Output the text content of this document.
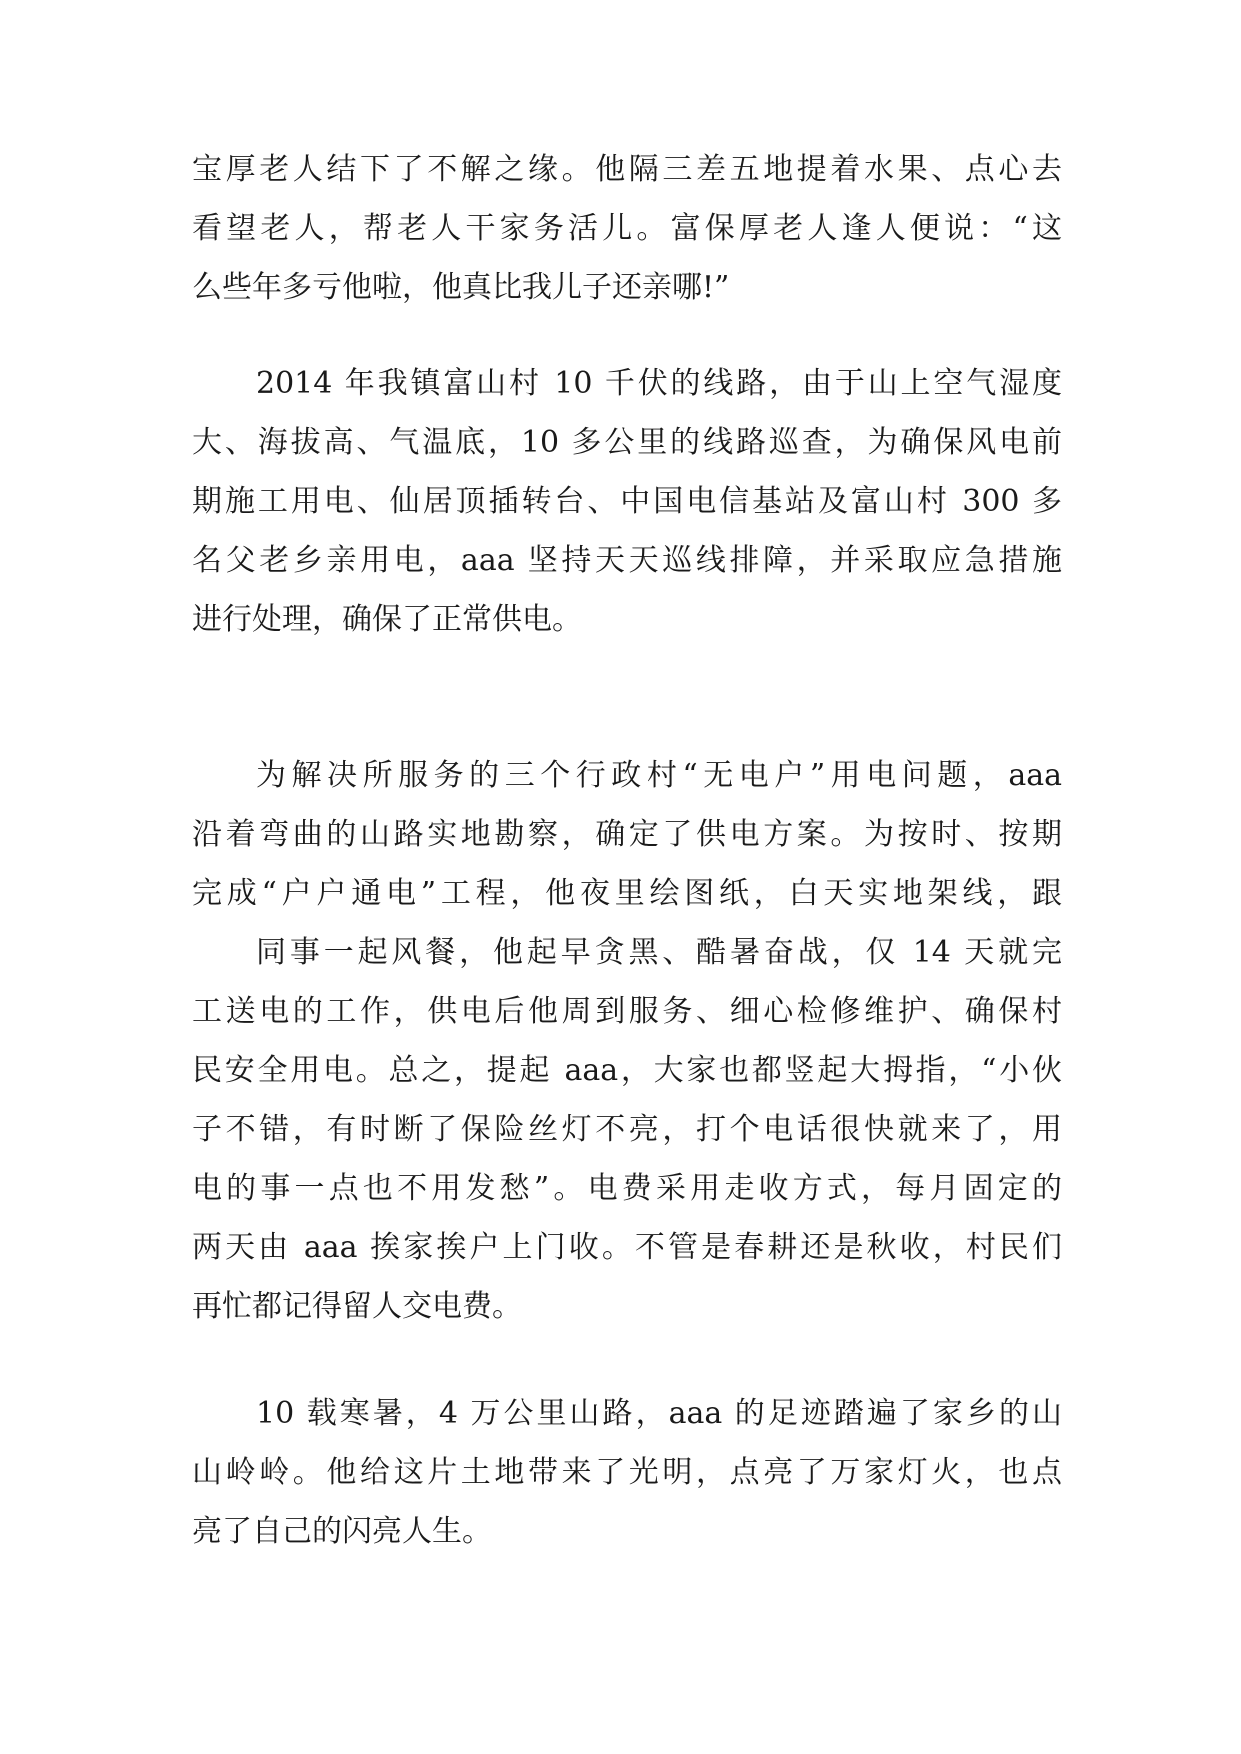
宝厚老人结下了不解之缘。他隔三差五地提着水果、点心去
看望老人，帮老人干家务活儿。富保厚老人逢人便说：“这
么些年多亏他啦，他真比我儿子还亲哪!”
2014 年我镇富山村 10 千伏的线路，由于山上空气湿度
大、海拔高、气温底，10 多公里的线路巡查，为确保风电前
期施工用电、仙居顶插转台、中国电信基站及富山村 300 多
名父老乡亲用电，aaa 坚持天天巡线排障，并采取应急措施
进行处理，确保了正常供电。
为解决所服务的三个行政村“无电户”用电问题，aaa
沿着弯曲的山路实地勘察，确定了供电方案。为按时、按期
完成“户户通电”工程，他夜里绘图纸，白天实地架线，跟
同事一起风餐，他起早贪黑、酷暑奋战，仅 14 天就完
工送电的工作，供电后他周到服务、细心检修维护、确保村
民安全用电。总之，提起 aaa，大家也都竖起大拇指，“小伙
子不错，有时断了保险丝灯不亮，打个电话很快就来了，用
电的事一点也不用发愁”。电费采用走收方式，每月固定的
两天由 aaa 挨家挨户上门收。不管是春耕还是秋收，村民们
再忙都记得留人交电费。
10 载寒暑，4 万公里山路，aaa 的足迹踏遍了家乡的山
山岭岭。他给这片土地带来了光明，点亮了万家灯火，也点
亮了自己的闪亮人生。
